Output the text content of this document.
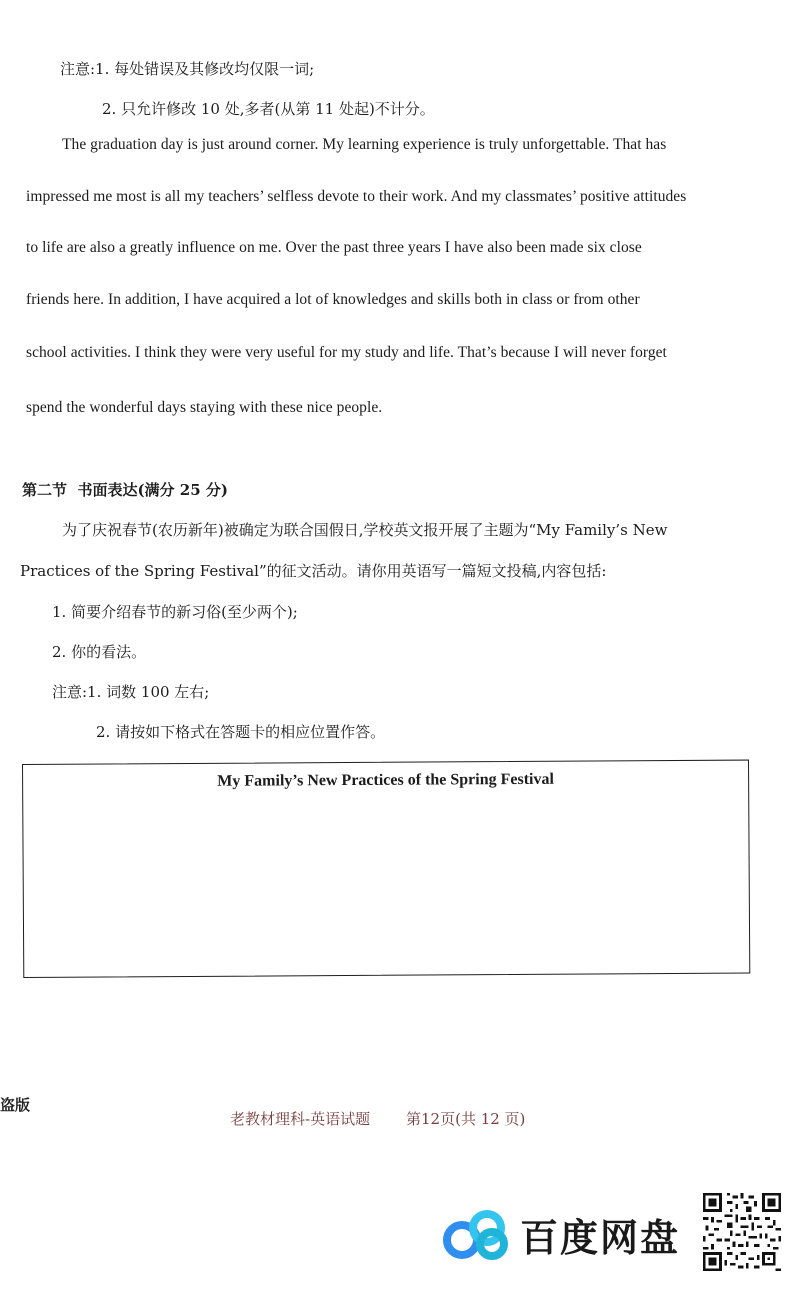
注意:1. 每处错误及其修改均仅限一词;
2. 只允许修改 10 处,多者(从第 11 处起)不计分。
The graduation day is just around corner. My learning experience is truly unforgettable. That has
impressed me most is all my teachers’ selfless devote to their work. And my classmates’ positive attitudes
to life are also a greatly influence on me. Over the past three years I have also been made six close
friends here. In addition, I have acquired a lot of knowledges and skills both in class or from other
school activities. I think they were very useful for my study and life. That’s because I will never forget
spend the wonderful days staying with these nice people.
第二节  书面表达(满分 25 分)
为了庆祝春节(农历新年)被确定为联合国假日,学校英文报开展了主题为“My Family’s New
Practices of the Spring Festival”的征文活动。请你用英语写一篇短文投稿,内容包括:
1. 简要介绍春节的新习俗(至少两个);
2. 你的看法。
注意:1. 词数 100 左右;
2. 请按如下格式在答题卡的相应位置作答。
My Family’s New Practices of the Spring Festival
盗版
老教材理科-英语试题 第12页(共 12 页)
百度网盘
